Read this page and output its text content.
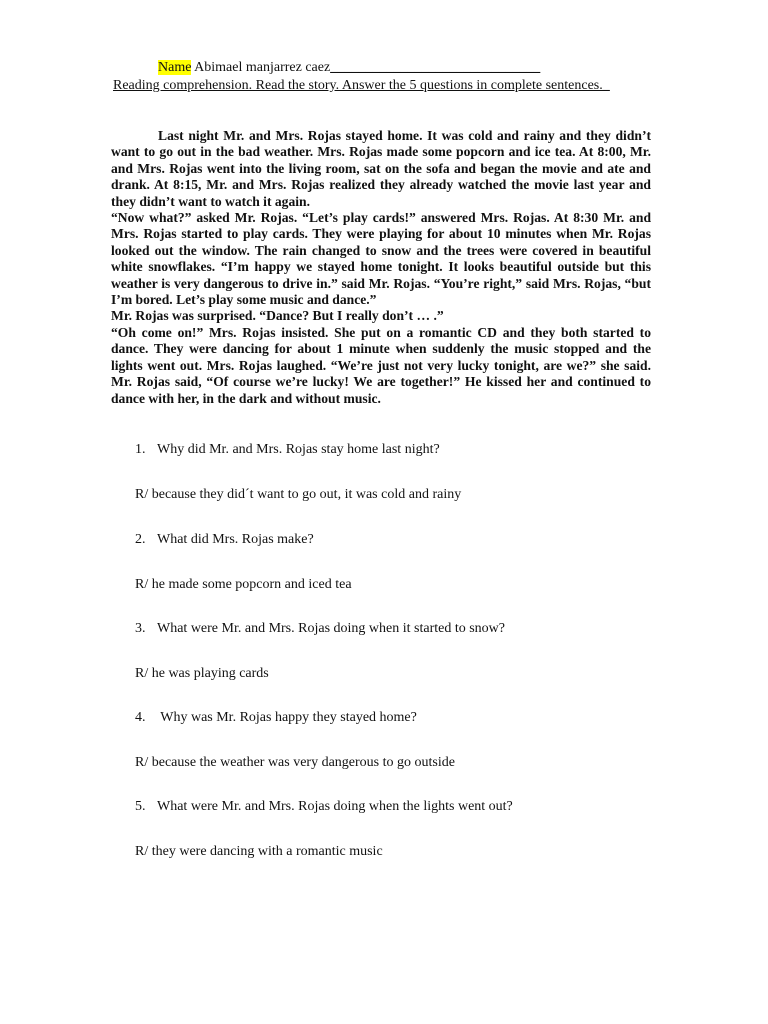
Name Abimael manjarrez caez______________________________
Reading comprehension. Read the story. Answer the 5 questions in complete sentences._

Last night Mr. and Mrs. Rojas stayed home. It was cold and rainy and they didn’t want to go out in the bad weather. Mrs. Rojas made some popcorn and ice tea. At 8:00, Mr. and Mrs. Rojas went into the living room, sat on the sofa and began the movie and ate and drank. At 8:15, Mr. and Mrs. Rojas realized they already watched the movie last year and they didn’t want to watch it again.

“Now what?” asked Mr. Rojas. “Let’s play cards!” answered Mrs. Rojas. At 8:30 Mr. and Mrs. Rojas started to play cards. They were playing for about 10 minutes when Mr. Rojas looked out the window. The rain changed to snow and the trees were covered in beautiful white snowflakes. “I’m happy we stayed home tonight. It looks beautiful outside but this weather is very dangerous to drive in.” said Mr. Rojas. “You’re right,” said Mrs. Rojas, “but I’m bored. Let’s play some music and dance.”

Mr. Rojas was surprised. “Dance? But I really don’t … .”

“Oh come on!” Mrs. Rojas insisted. She put on a romantic CD and they both started to dance. They were dancing for about 1 minute when suddenly the music stopped and the lights went out. Mrs. Rojas laughed. “We’re just not very lucky tonight, are we?” she said. Mr. Rojas said, “Of course we’re lucky! We are together!” He kissed her and continued to dance with her, in the dark and without music.

1. Why did Mr. and Mrs. Rojas stay home last night?
R/ because they did´t want to go out, it was cold and rainy
2. What did Mrs. Rojas make?
R/ he made some popcorn and iced tea
3. What were Mr. and Mrs. Rojas doing when it started to snow?
R/ he was playing cards
4. Why was Mr. Rojas happy they stayed home?
R/ because the weather was very dangerous to go outside
5. What were Mr. and Mrs. Rojas doing when the lights went out?
R/ they were dancing with a romantic music
